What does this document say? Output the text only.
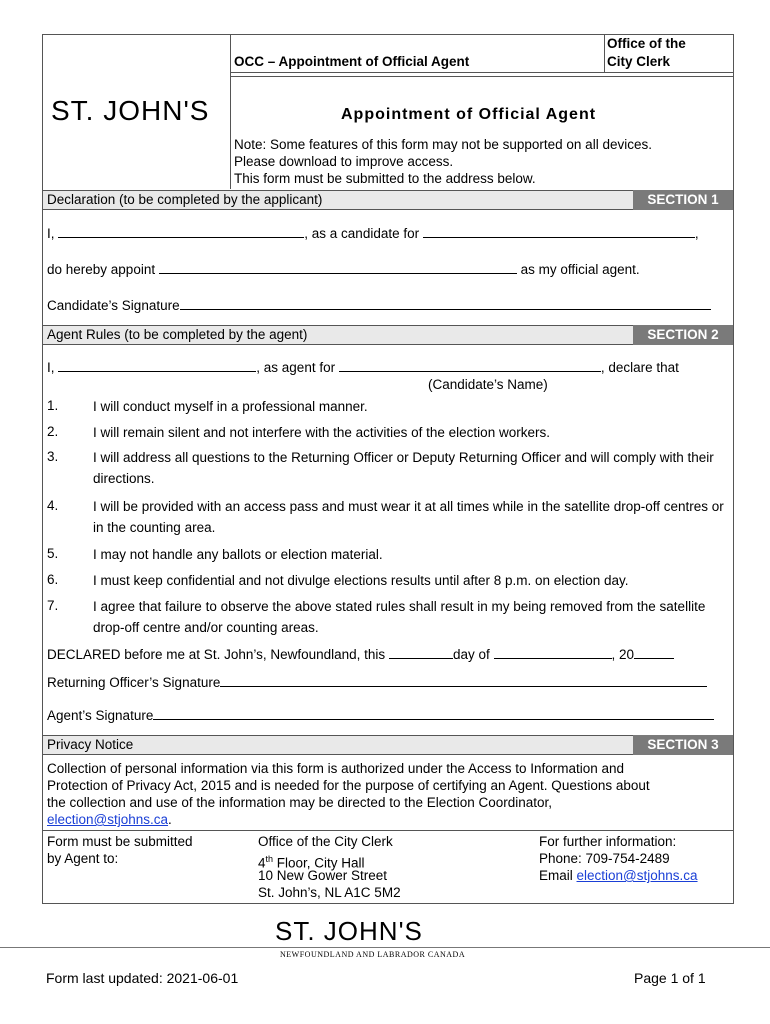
OCC – Appointment of Official Agent
Office of the
City Clerk
ST. JOHN'S	Appointment of Official Agent
Note: Some features of this form may not be supported on all devices.
Please download to improve access.
This form must be submitted to the address below.
Declaration (to be completed by the applicant)	SECTION 1
I,	, as a candidate for	,
do hereby appoint	as my official agent.
Candidate’s Signature
Agent Rules (to be completed by the agent)	SECTION 2
I,	, as agent for	, declare that
(Candidate’s Name)
1.	I will conduct myself in a professional manner.
2.	I will remain silent and not interfere with the activities of the election workers.
3.	I will address all questions to the Returning Officer or Deputy Returning Officer and will comply with their directions.
4.	I will be provided with an access pass and must wear it at all times while in the satellite drop-off centres or in the counting area.
5.	I may not handle any ballots or election material.
6.	I must keep confidential and not divulge elections results until after 8 p.m. on election day.
7.	I agree that failure to observe the above stated rules shall result in my being removed from the satellite drop-off centre and/or counting areas.
DECLARED before me at St. John’s, Newfoundland, this	day of	, 20
Returning Officer’s Signature
Agent’s Signature
Privacy Notice	SECTION 3
Collection of personal information via this form is authorized under the Access to Information and
Protection of Privacy Act, 2015 and is needed for the purpose of certifying an Agent. Questions about
the collection and use of the information may be directed to the Election Coordinator,
election@stjohns.ca.
Form must be submitted
by Agent to:
Office of the City Clerk
4th Floor, City Hall
10 New Gower Street
St. John’s, NL A1C 5M2
For further information:
Phone: 709-754-2489
Email election@stjohns.ca
ST. JOHN'S
NEWFOUNDLAND AND LABRADOR CANADA
Form last updated: 2021-06-01	Page 1 of 1
